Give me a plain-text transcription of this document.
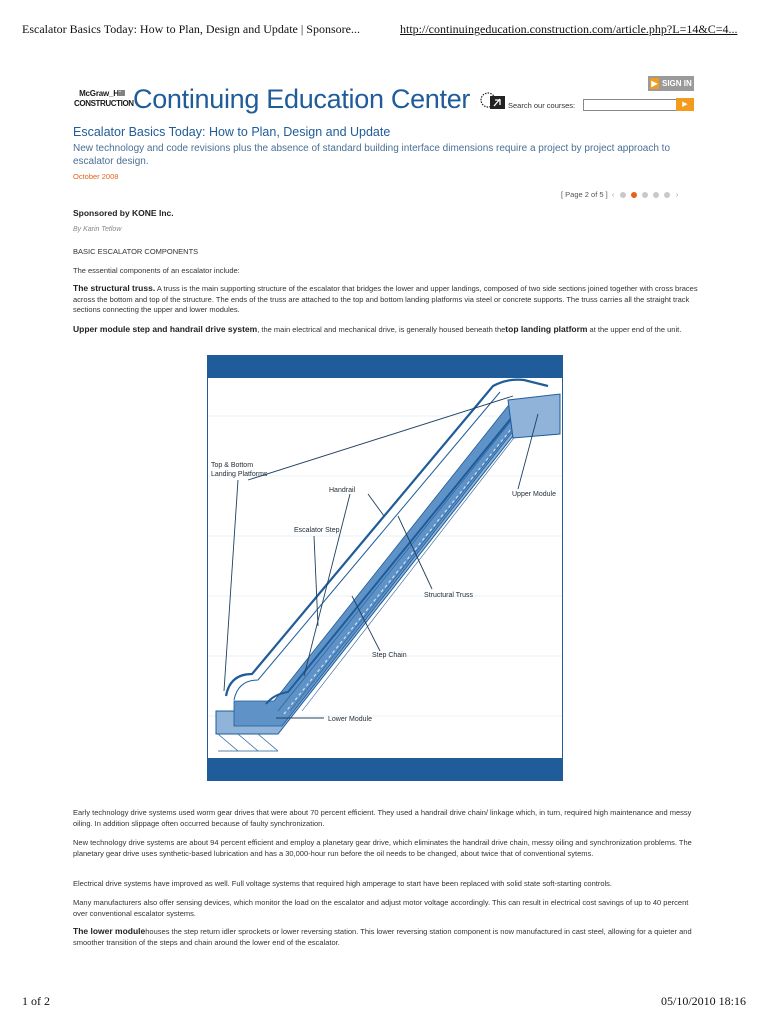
Escalator Basics Today: How to Plan, Design and Update | Sponsore...	http://continuingeducation.construction.com/article.php?L=14&C=4...
McGraw_Hill
CONSTRUCTION Continuing Education Center
▶ SIGN IN
Search our courses:	▶
Escalator Basics Today: How to Plan, Design and Update
New technology and code revisions plus the absence of standard building interface dimensions require a project by project approach to escalator design.
October 2008
[ Page 2 of 5 ] ‹	›
Sponsored by KONE Inc.
By Karin Tetlow
BASIC ESCALATOR COMPONENTS
The essential components of an escalator include:
The structural truss. A truss is the main supporting structure of the escalator that bridges the lower and upper landings, composed of two side sections joined together with cross braces across the bottom and top of the structure. The ends of the truss are attached to the top and bottom landing platforms via steel or concrete supports. The truss carries all the straight track sections connecting the upper and lower modules.
Upper module step and handrail drive system, the main electrical and mechanical drive, is generally housed beneath thetop landing platform at the upper end of the unit.
Top & Bottom
Landing Platforms
Handrail
Upper Module
Escalator Step
Structural Truss
Step Chain
Lower Module
Early technology drive systems used worm gear drives that were about 70 percent efficient. They used a handrail drive chain/ linkage which, in turn, required high maintenance and messy oiling. In addition slippage often occurred because of faulty synchronization.
New technology drive systems are about 94 percent efficient and employ a planetary gear drive, which eliminates the handrail drive chain, messy oiling and synchronization problems. The planetary gear drive uses synthetic-based lubrication and has a 30,000-hour run before the oil needs to be changed, about twice that of conventional sytems.
Electrical drive systems have improved as well. Full voltage systems that required high amperage to start have been replaced with solid state soft-starting controls.
Many manufacturers also offer sensing devices, which monitor the load on the escalator and adjust motor voltage accordingly. This can result in electrical cost savings of up to 40 percent over conventional escalator systems.
The lower modulehouses the step return idler sprockets or lower reversing station. This lower reversing station component is now manufactured in cast steel, allowing for a quieter and smoother transition of the steps and chain around the lower end of the escalator.
1 of 2	05/10/2010 18:16
